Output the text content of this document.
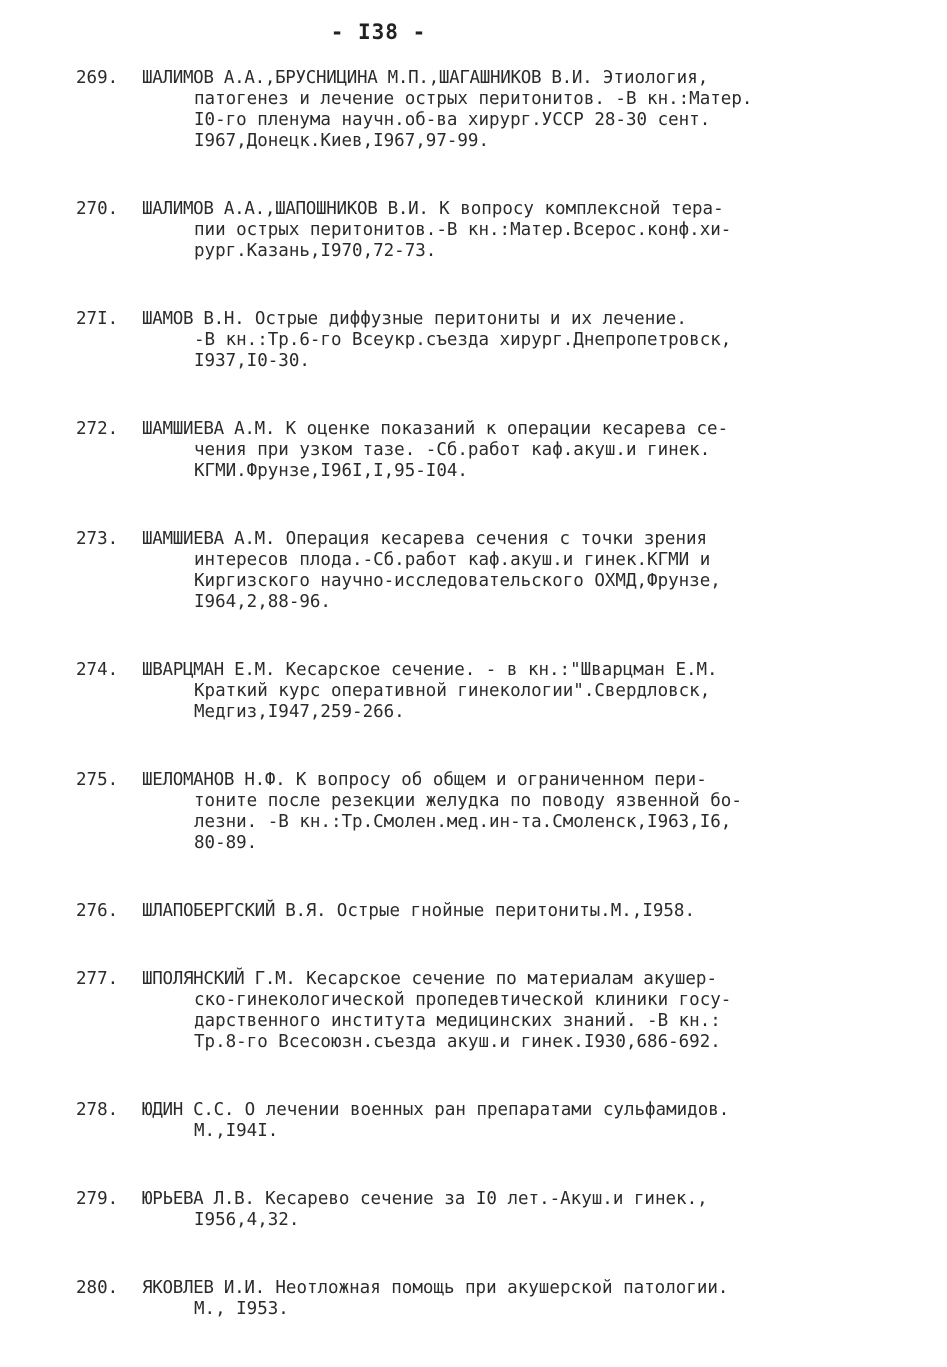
- I38 -
269.	ШАЛИМОВ А.А.,БРУСНИЦИНА М.П.,ШАГАШНИКОВ В.И. Этиология,
патогенез и лечение острых перитонитов. -В кн.:Матер.
I0-го пленума научн.об-ва хирург.УССР 28-30 сент.
I967,Донецк.Киев,I967,97-99.
270.	ШАЛИМОВ А.А.,ШАПОШНИКОВ В.И. К вопросу комплексной тера-
пии острых перитонитов.-В кн.:Матер.Всерос.конф.хи-
рург.Казань,I970,72-73.
27I.	ШАМОВ В.Н. Острые диффузные перитониты и их лечение.
-В кн.:Тр.6-го Всеукр.съезда хирург.Днепропетровск,
I937,I0-30.
272.	ШАМШИЕВА А.М. К оценке показаний к операции кесарева се-
чения при узком тазе. -Сб.работ каф.акуш.и гинек.
КГМИ.Фрунзе,I96I,I,95-I04.
273.	ШАМШИЕВА А.М. Операция кесарева сечения с точки зрения
интересов плода.-Сб.работ каф.акуш.и гинек.КГМИ и
Киргизского научно-исследовательского ОХМД,Фрунзе,
I964,2,88-96.
274.	ШВАРЦМАН Е.М. Кесарское сечение. - в кн.:"Шварцман Е.М.
Краткий курс оперативной гинекологии".Свердловск,
Медгиз,I947,259-266.
275.	ШЕЛОМАНОВ Н.Ф. К вопросу об общем и ограниченном пери-
тоните после резекции желудка по поводу язвенной бо-
лезни. -В кн.:Тр.Смолен.мед.ин-та.Смоленск,I963,I6,
80-89.
276.	ШЛАПОБЕРГСКИЙ В.Я. Острые гнойные перитониты.М.,I958.
277.	ШПОЛЯНСКИЙ Г.М. Кесарское сечение по материалам акушер-
ско-гинекологической пропедевтической клиники госу-
дарственного института медицинских знаний. -В кн.:
Тр.8-го Всесоюзн.съезда акуш.и гинек.I930,686-692.
278.	ЮДИН С.С. О лечении военных ран препаратами сульфамидов.
М.,I94I.
279.	ЮРЬЕВА Л.В. Кесарево сечение за I0 лет.-Акуш.и гинек.,
I956,4,32.
280.	ЯКОВЛЕВ И.И. Неотложная помощь при акушерской патологии.
М., I953.
